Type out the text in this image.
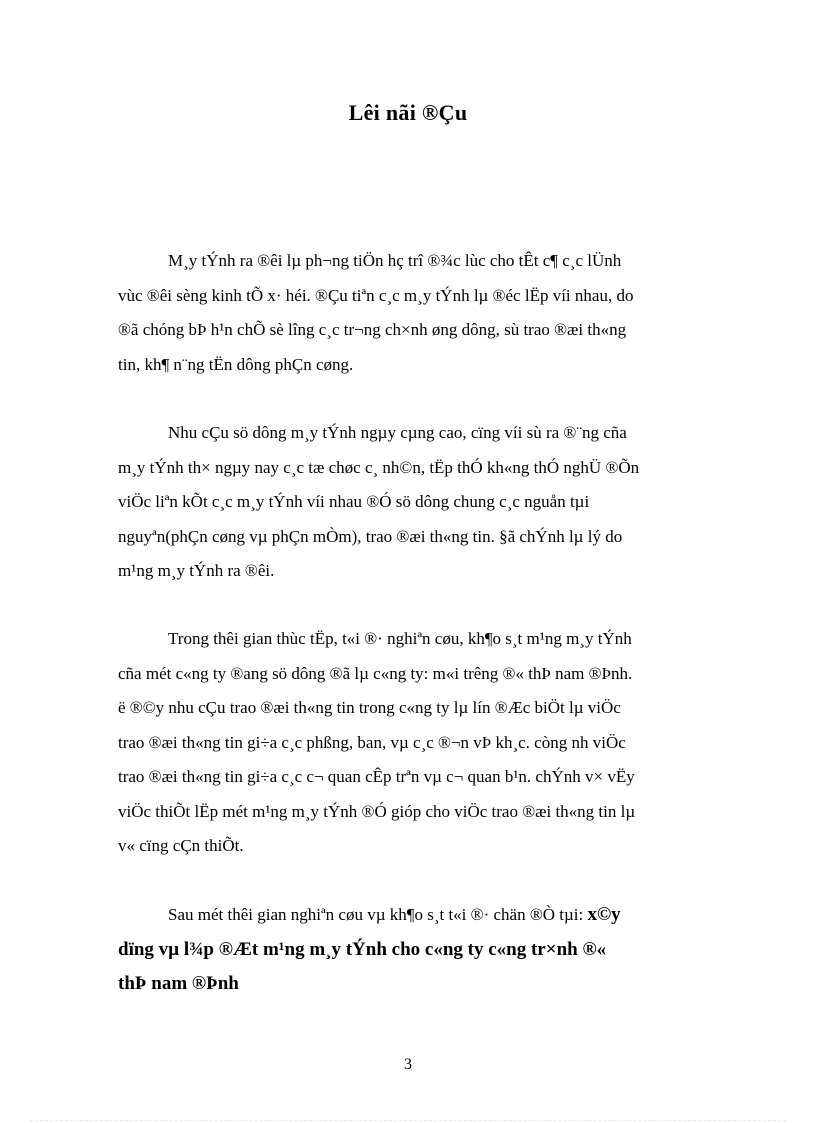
Lêi nãi ®Çu
M¸y tÝnh ra ®êi lµ ph¬ng tiÖn hç trî ®¾c lùc cho tÊt c¶ c¸c lÜnh
vùc ®êi sèng kinh tÕ x· héi. ®Çu tiªn c¸c m¸y tÝnh lµ ®éc lËp víi nhau, do
®ã chóng bÞ h¹n chÕ sè lîng c¸c tr¬ng ch×nh øng dông, sù trao ®æi th«ng
tin, kh¶ n¨ng tËn dông phÇn cøng.
Nhu cÇu sö dông m¸y tÝnh ngµy cµng cao, cïng víi sù ra ®¨ng cña
m¸y tÝnh th× ngµy nay c¸c tæ chøc c¸ nh©n, tËp thÓ kh«ng thÓ nghÜ ®Õn
viÖc liªn kÕt c¸c m¸y tÝnh víi nhau ®Ó sö dông chung c¸c nguån tµi
nguyªn(phÇn cøng vµ phÇn mÒm), trao ®æi th«ng tin. §ã chÝnh lµ lý do
m¹ng m¸y tÝnh ra ®êi.
Trong thêi gian thùc tËp, t«i ®· nghiªn cøu, kh¶o s¸t m¹ng m¸y tÝnh
cña mét c«ng ty ®ang sö dông ®ã lµ c«ng ty: m«i trêng ®« thÞ nam ®Þnh.
ë ®©y nhu cÇu trao ®æi th«ng tin trong c«ng ty lµ lín ®Æc biÖt lµ viÖc
trao ®æi th«ng tin gi÷a c¸c phßng, ban, vµ c¸c ®¬n vÞ kh¸c. còng nh viÖc
trao ®æi th«ng tin gi÷a c¸c c¬ quan cÊp trªn vµ c¬ quan b¹n. chÝnh v× vËy
viÖc thiÕt lËp mét m¹ng m¸y tÝnh ®Ó gióp cho viÖc trao ®æi th«ng tin lµ
v« cïng cÇn thiÕt.
Sau mét thêi gian nghiªn cøu vµ kh¶o s¸t t«i ®· chän ®Ò tµi: x©y
dïng vµ l¾p ®Æt m¹ng m¸y tÝnh cho c«ng ty c«ng tr×nh ®«
thÞ nam ®Þnh
3
